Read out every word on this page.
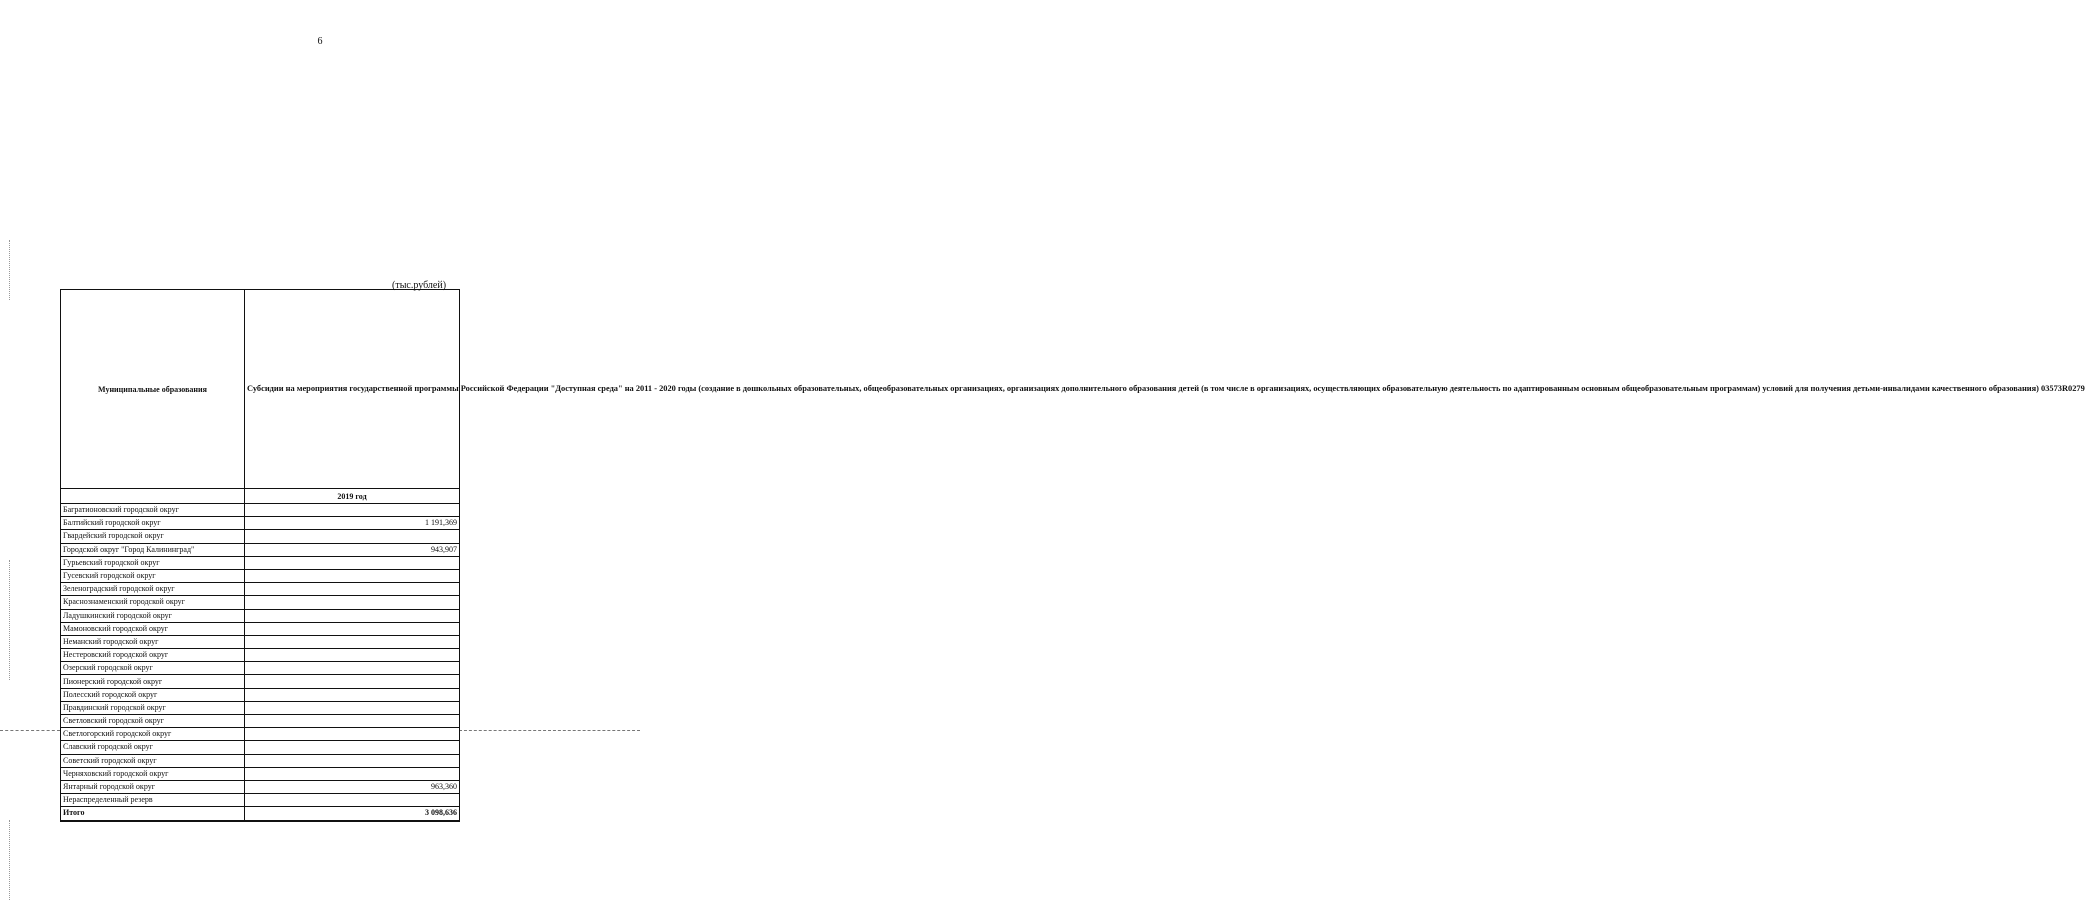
6
(тыс.рублей)
Муниципальные образования	Субсидии на мероприятия государственной программы Российской Федерации "Доступная среда" на 2011 - 2020 годы (создание в дошкольных образовательных, общеобразовательных организациях, организациях дополнительного образования детей (в том числе в организациях, осуществляющих образовательную деятельность по адаптированным основным общеобразовательным программам) условий для получения детьми-инвалидами качественного образования) 03573R0279
	2019 год
Багратионовский городской округ	
Балтийский городской округ	1 191,369
Гвардейский городской округ	
Городской округ "Город Калининград"	943,907
Гурьевский городской округ	
Гусевский городской округ	
Зеленоградский городской округ	
Краснознаменский городской округ	
Ладушкинский городской округ	
Мамоновский городской округ	
Неманский городской округ	
Нестеровский городской округ	
Озерский городской округ	
Пионерский городской округ	
Полесский городской округ	
Правдинский городской округ	
Светловский городской округ	
Светлогорский городской округ	
Славский городской округ	
Советский городской округ	
Черняховский городской округ	
Янтарный городской округ	963,360
Нераспределенный резерв	
Итого	3 098,636
